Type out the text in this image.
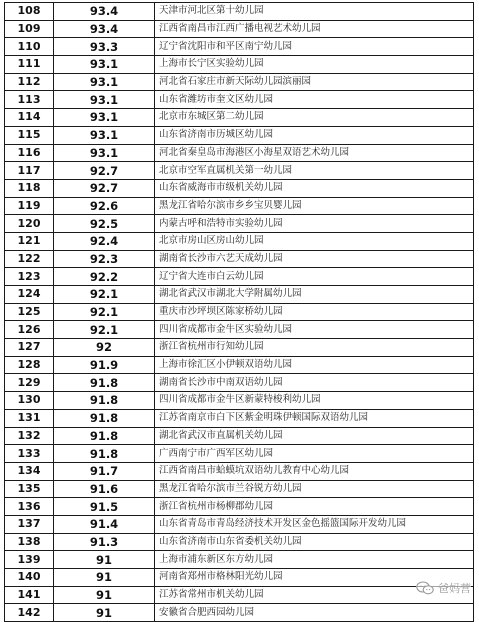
108	93.4	天津市河北区第十幼儿园
109	93.4	江西省南昌市江西广播电视艺术幼儿园
110	93.3	辽宁省沈阳市和平区南宁幼儿园
111	93.1	上海市长宁区实验幼儿园
112	93.1	河北省石家庄市新天际幼儿园滨丽园
113	93.1	山东省潍坊市奎文区幼儿园
114	93.1	北京市东城区第二幼儿园
115	93.1	山东省济南市历城区幼儿园
116	93.1	河北省秦皇岛市海港区小海星双语艺术幼儿园
117	92.7	北京市空军直属机关第一幼儿园
118	92.7	山东省威海市市级机关幼儿园
119	92.6	黑龙江省哈尔滨市乡乡宝贝婴儿园
120	92.5	内蒙古呼和浩特市实验幼儿园
121	92.4	北京市房山区房山幼儿园
122	92.3	湖南省长沙市六艺天成幼儿园
123	92.2	辽宁省大连市白云幼儿园
124	92.1	湖北省武汉市湖北大学附属幼儿园
125	92.1	重庆市沙坪坝区陈家桥幼儿园
126	92.1	四川省成都市金牛区实验幼儿园
127	92	浙江省杭州市行知幼儿园
128	91.9	上海市徐汇区小伊顿双语幼儿园
129	91.8	湖南省长沙市中南双语幼儿园
130	91.8	四川省成都市金牛区新蒙特梭利幼儿园
131	91.8	江苏省南京市白下区紫金明珠伊顿国际双语幼儿园
132	91.8	湖北省武汉市直属机关幼儿园
133	91.8	广西南宁市广西军区幼儿园
134	91.7	江西省南昌市蛤蟆坑双语幼儿教育中心幼儿园
135	91.6	黑龙江省哈尔滨市兰谷锐方幼儿园
136	91.5	浙江省杭州市杨柳郡幼儿园
137	91.4	山东省青岛市青岛经济技术开发区金色摇篮国际开发幼儿园
138	91.3	山东省济南市山东省委机关幼儿园
139	91	上海市浦东新区东方幼儿园
140	91	河南省郑州市格林阳光幼儿园
141	91	江苏省常州市机关幼儿园
142	91	安徽省合肥西园幼儿园
爸妈营
